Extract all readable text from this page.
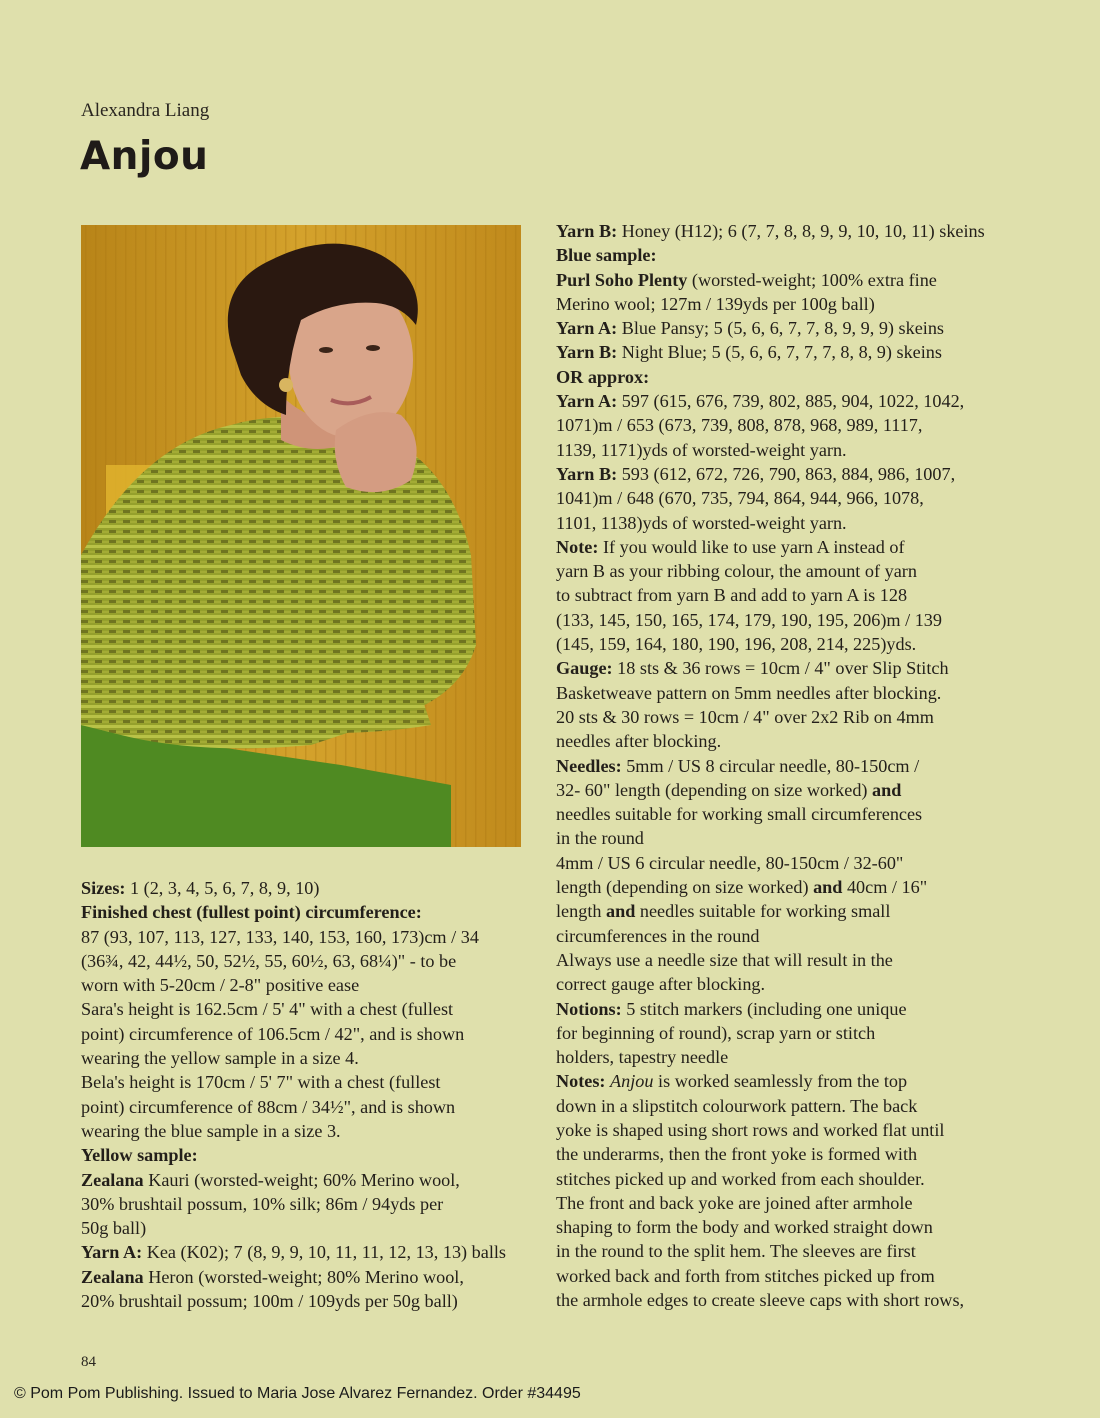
Alexandra Liang
Anjou
Sizes: 1 (2, 3, 4, 5, 6, 7, 8, 9, 10)
Finished chest (fullest point) circumference:
87 (93, 107, 113, 127, 133, 140, 153, 160, 173)cm / 34
(36¾, 42, 44½, 50, 52½, 55, 60½, 63, 68¼)" - to be
worn with 5-20cm / 2-8" positive ease
Sara's height is 162.5cm / 5' 4" with a chest (fullest
point) circumference of 106.5cm / 42", and is shown
wearing the yellow sample in a size 4.
Bela's height is 170cm / 5' 7" with a chest (fullest
point) circumference of 88cm / 34½", and is shown
wearing the blue sample in a size 3.
Yellow sample:
Zealana Kauri (worsted-weight; 60% Merino wool,
30% brushtail possum, 10% silk; 86m / 94yds per
50g ball)
Yarn A: Kea (K02); 7 (8, 9, 9, 10, 11, 11, 12, 13, 13) balls
Zealana Heron (worsted-weight; 80% Merino wool,
20% brushtail possum; 100m / 109yds per 50g ball)
Yarn B: Honey (H12); 6 (7, 7, 8, 8, 9, 9, 10, 10, 11) skeins
Blue sample:
Purl Soho Plenty (worsted-weight; 100% extra fine
Merino wool; 127m / 139yds per 100g ball)
Yarn A: Blue Pansy; 5 (5, 6, 6, 7, 7, 8, 9, 9, 9) skeins
Yarn B: Night Blue; 5 (5, 6, 6, 7, 7, 7, 8, 8, 9) skeins
OR approx:
Yarn A: 597 (615, 676, 739, 802, 885, 904, 1022, 1042,
1071)m / 653 (673, 739, 808, 878, 968, 989, 1117,
1139, 1171)yds of worsted-weight yarn.
Yarn B: 593 (612, 672, 726, 790, 863, 884, 986, 1007,
1041)m / 648 (670, 735, 794, 864, 944, 966, 1078,
1101, 1138)yds of worsted-weight yarn.
Note: If you would like to use yarn A instead of
yarn B as your ribbing colour, the amount of yarn
to subtract from yarn B and add to yarn A is 128
(133, 145, 150, 165, 174, 179, 190, 195, 206)m / 139
(145, 159, 164, 180, 190, 196, 208, 214, 225)yds.
Gauge: 18 sts & 36 rows = 10cm / 4" over Slip Stitch
Basketweave pattern on 5mm needles after blocking.
20 sts & 30 rows = 10cm / 4" over 2x2 Rib on 4mm
needles after blocking.
Needles: 5mm / US 8 circular needle, 80-150cm /
32- 60" length (depending on size worked) and
needles suitable for working small circumferences
in the round
4mm / US 6 circular needle, 80-150cm / 32-60"
length (depending on size worked) and 40cm / 16"
length and needles suitable for working small
circumferences in the round
Always use a needle size that will result in the
correct gauge after blocking.
Notions: 5 stitch markers (including one unique
for beginning of round), scrap yarn or stitch
holders, tapestry needle
Notes: Anjou is worked seamlessly from the top
down in a slipstitch colourwork pattern. The back
yoke is shaped using short rows and worked flat until
the underarms, then the front yoke is formed with
stitches picked up and worked from each shoulder.
The front and back yoke are joined after armhole
shaping to form the body and worked straight down
in the round to the split hem. The sleeves are first
worked back and forth from stitches picked up from
the armhole edges to create sleeve caps with short rows,
84
© Pom Pom Publishing. Issued to Maria Jose Alvarez Fernandez. Order #34495
